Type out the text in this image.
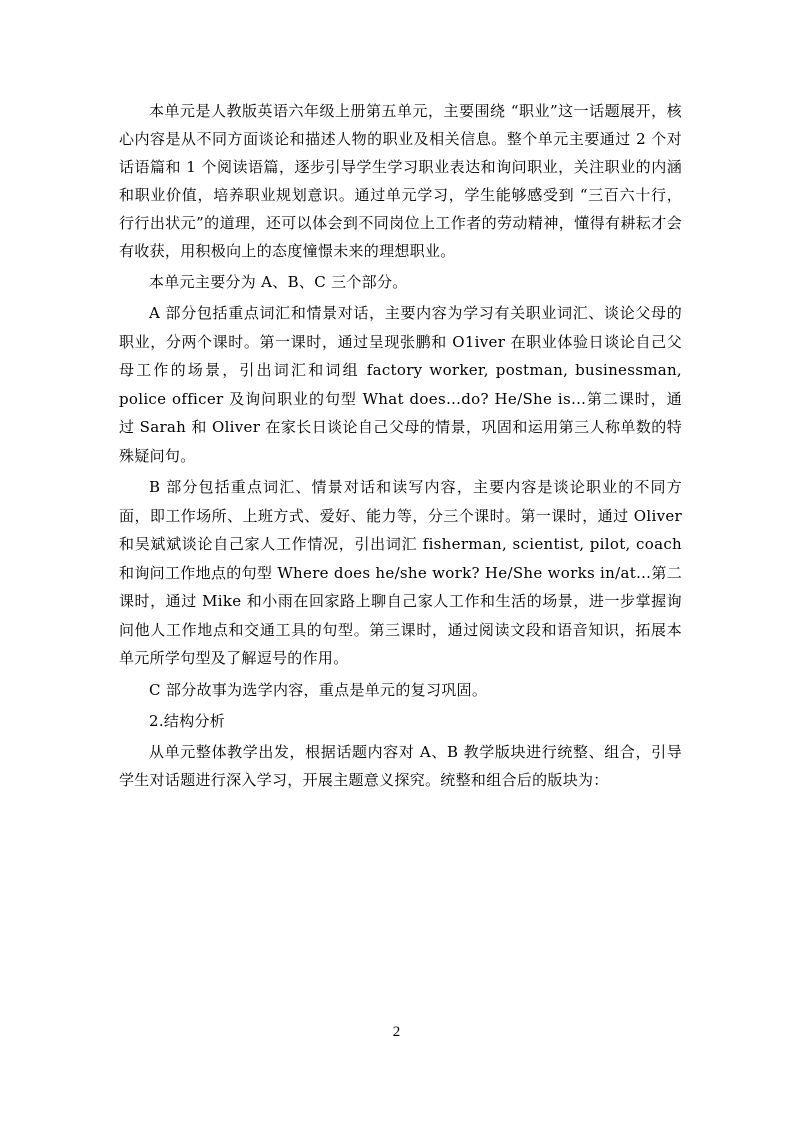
本单元是人教版英语六年级上册第五单元，主要围绕 “职业”这一话题展开，核心内容是从不同方面谈论和描述人物的职业及相关信息。整个单元主要通过 2 个对话语篇和 1 个阅读语篇，逐步引导学生学习职业表达和询问职业，关注职业的内涵和职业价值，培养职业规划意识。通过单元学习，学生能够感受到 “三百六十行，行行出状元”的道理，还可以体会到不同岗位上工作者的劳动精神，懂得有耕耘才会有收获，用积极向上的态度憧憬未来的理想职业。

本单元主要分为 A、B、C 三个部分。

A 部分包括重点词汇和情景对话，主要内容为学习有关职业词汇、谈论父母的职业，分两个课时。第一课时，通过呈现张鹏和 O1iver 在职业体验日谈论自己父母工作的场景，引出词汇和词组 factory worker, postman, businessman, police officer 及询问职业的句型 What does…do? He/She is…第二课时，通过 Sarah 和 Oliver 在家长日谈论自己父母的情景，巩固和运用第三人称单数的特殊疑问句。

B 部分包括重点词汇、情景对话和读写内容，主要内容是谈论职业的不同方面，即工作场所、上班方式、爱好、能力等，分三个课时。第一课时，通过 Oliver 和吴斌斌谈论自己家人工作情况，引出词汇 fisherman, scientist, pilot, coach 和询问工作地点的句型 Where does he/she work? He/She works in/at…第二课时，通过 Mike 和小雨在回家路上聊自己家人工作和生活的场景，进一步掌握询问他人工作地点和交通工具的句型。第三课时，通过阅读文段和语音知识，拓展本单元所学句型及了解逗号的作用。

C 部分故事为选学内容，重点是单元的复习巩固。

2.结构分析

从单元整体教学出发，根据话题内容对 A、B 教学版块进行统整、组合，引导学生对话题进行深入学习，开展主题意义探究。统整和组合后的版块为：

2
